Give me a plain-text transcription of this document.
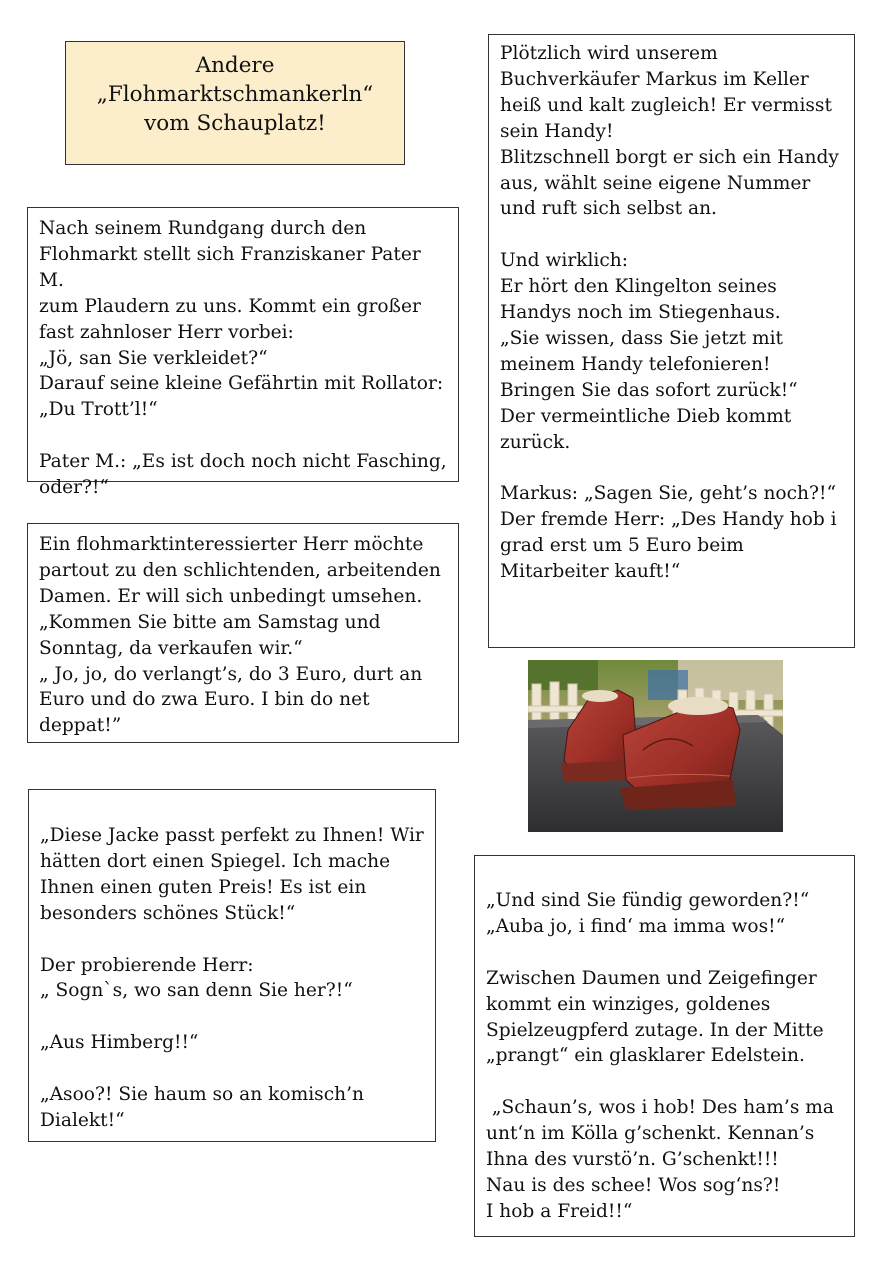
Andere
„Flohmarktschmankerln“
vom Schauplatz!

Nach seinem Rundgang durch den

Flohmarkt stellt sich Franziskaner Pater M.

zum Plaudern zu uns. Kommt ein großer

fast zahnloser Herr vorbei:

„Jö, san Sie verkleidet?“

Darauf seine kleine Gefährtin mit Rollator:

„Du Trott’l!“

Pater M.: „Es ist doch noch nicht Fasching,

oder?!“

Ein flohmarktinteressierter Herr möchte

partout zu den schlichtenden, arbeitenden

Damen. Er will sich unbedingt umsehen.

„Kommen Sie bitte am Samstag und

Sonntag, da verkaufen wir.“

„ Jo, jo, do verlangt’s, do 3 Euro, durt an

Euro und do zwa Euro. I bin do net

deppat!”

„Diese Jacke passt perfekt zu Ihnen! Wir

hätten dort einen Spiegel. Ich mache

Ihnen einen guten Preis! Es ist ein

besonders schönes Stück!“

Der probierende Herr:

„ Sogn`s, wo san denn Sie her?!“

„Aus Himberg!!“

„Asoo?! Sie haum so an komisch’n

Dialekt!“

Plötzlich wird unserem

Buchverkäufer Markus im Keller

heiß und kalt zugleich! Er vermisst

sein Handy!

Blitzschnell borgt er sich ein Handy

aus, wählt seine eigene Nummer

und ruft sich selbst an.

Und wirklich:

Er hört den Klingelton seines

Handys noch im Stiegenhaus.

„Sie wissen, dass Sie jetzt mit

meinem Handy telefonieren!

Bringen Sie das sofort zurück!“

Der vermeintliche Dieb kommt

zurück.

Markus: „Sagen Sie, geht’s noch?!“

Der fremde Herr: „Des Handy hob i

grad erst um 5 Euro beim

Mitarbeiter kauft!“

„Und sind Sie fündig geworden?!“

„Auba jo, i find‘ ma imma wos!“

Zwischen Daumen und Zeigefinger

kommt ein winziges, goldenes

Spielzeugpferd zutage. In der Mitte

„prangt“ ein glasklarer Edelstein.

„Schaun’s, wos i hob! Des ham’s ma

unt‘n im Kölla g’schenkt. Kennan’s

Ihna des vurstö’n. G’schenkt!!!

Nau is des schee! Wos sog‘ns?!

I hob a Freid!!“
